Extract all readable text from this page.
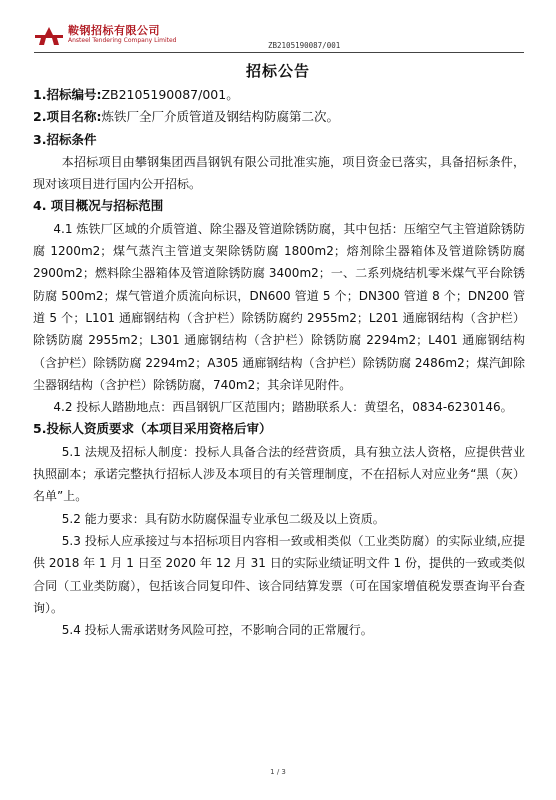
鞍钢招标有限公司
Ansteel Tendering Company Limited
ZB2105190087/001
招标公告

1.招标编号:ZB2105190087/001。

2.项目名称:炼铁厂全厂介质管道及钢结构防腐第二次。

3.招标条件

本招标项目由攀钢集团西昌钢钒有限公司批准实施，项目资金已落实，具备招标条件，现对该项目进行国内公开招标。

4. 项目概况与招标范围

4.1 炼铁厂区域的介质管道、除尘器及管道除锈防腐，其中包括：压缩空气主管道除锈防腐 1200m2；煤气蒸汽主管道支架除锈防腐 1800m2；熔剂除尘器箱体及管道除锈防腐 2900m2；燃料除尘器箱体及管道除锈防腐 3400m2；一、二系列烧结机零米煤气平台除锈防腐 500m2；煤气管道介质流向标识，DN600 管道 5 个；DN300 管道 8 个；DN200 管道 5 个；L101 通廊钢结构（含护栏）除锈防腐约 2955m2；L201 通廊钢结构（含护栏）除锈防腐 2955m2；L301 通廊钢结构（含护栏）除锈防腐 2294m2；L401 通廊钢结构（含护栏）除锈防腐 2294m2；A305 通廊钢结构（含护栏）除锈防腐 2486m2；煤汽卸除尘器钢结构（含护栏）除锈防腐，740m2；其余详见附件。

4.2 投标人踏勘地点：西昌钢钒厂区范围内；踏勘联系人：黄望名，0834-6230146。

5.投标人资质要求（本项目采用资格后审）

5.1 法规及招标人制度：投标人具备合法的经营资质，具有独立法人资格，应提供营业执照副本；承诺完整执行招标人涉及本项目的有关管理制度，不在招标人对应业务“黑（灰）名单”上。

5.2 能力要求：具有防水防腐保温专业承包二级及以上资质。

5.3 投标人应承接过与本招标项目内容相一致或相类似（工业类防腐）的实际业绩,应提供 2018 年 1 月 1 日至 2020 年 12 月 31 日的实际业绩证明文件 1 份，提供的一致或类似合同（工业类防腐），包括该合同复印件、该合同结算发票（可在国家增值税发票查询平台查询）。

5.4 投标人需承诺财务风险可控，不影响合同的正常履行。

1 / 3
